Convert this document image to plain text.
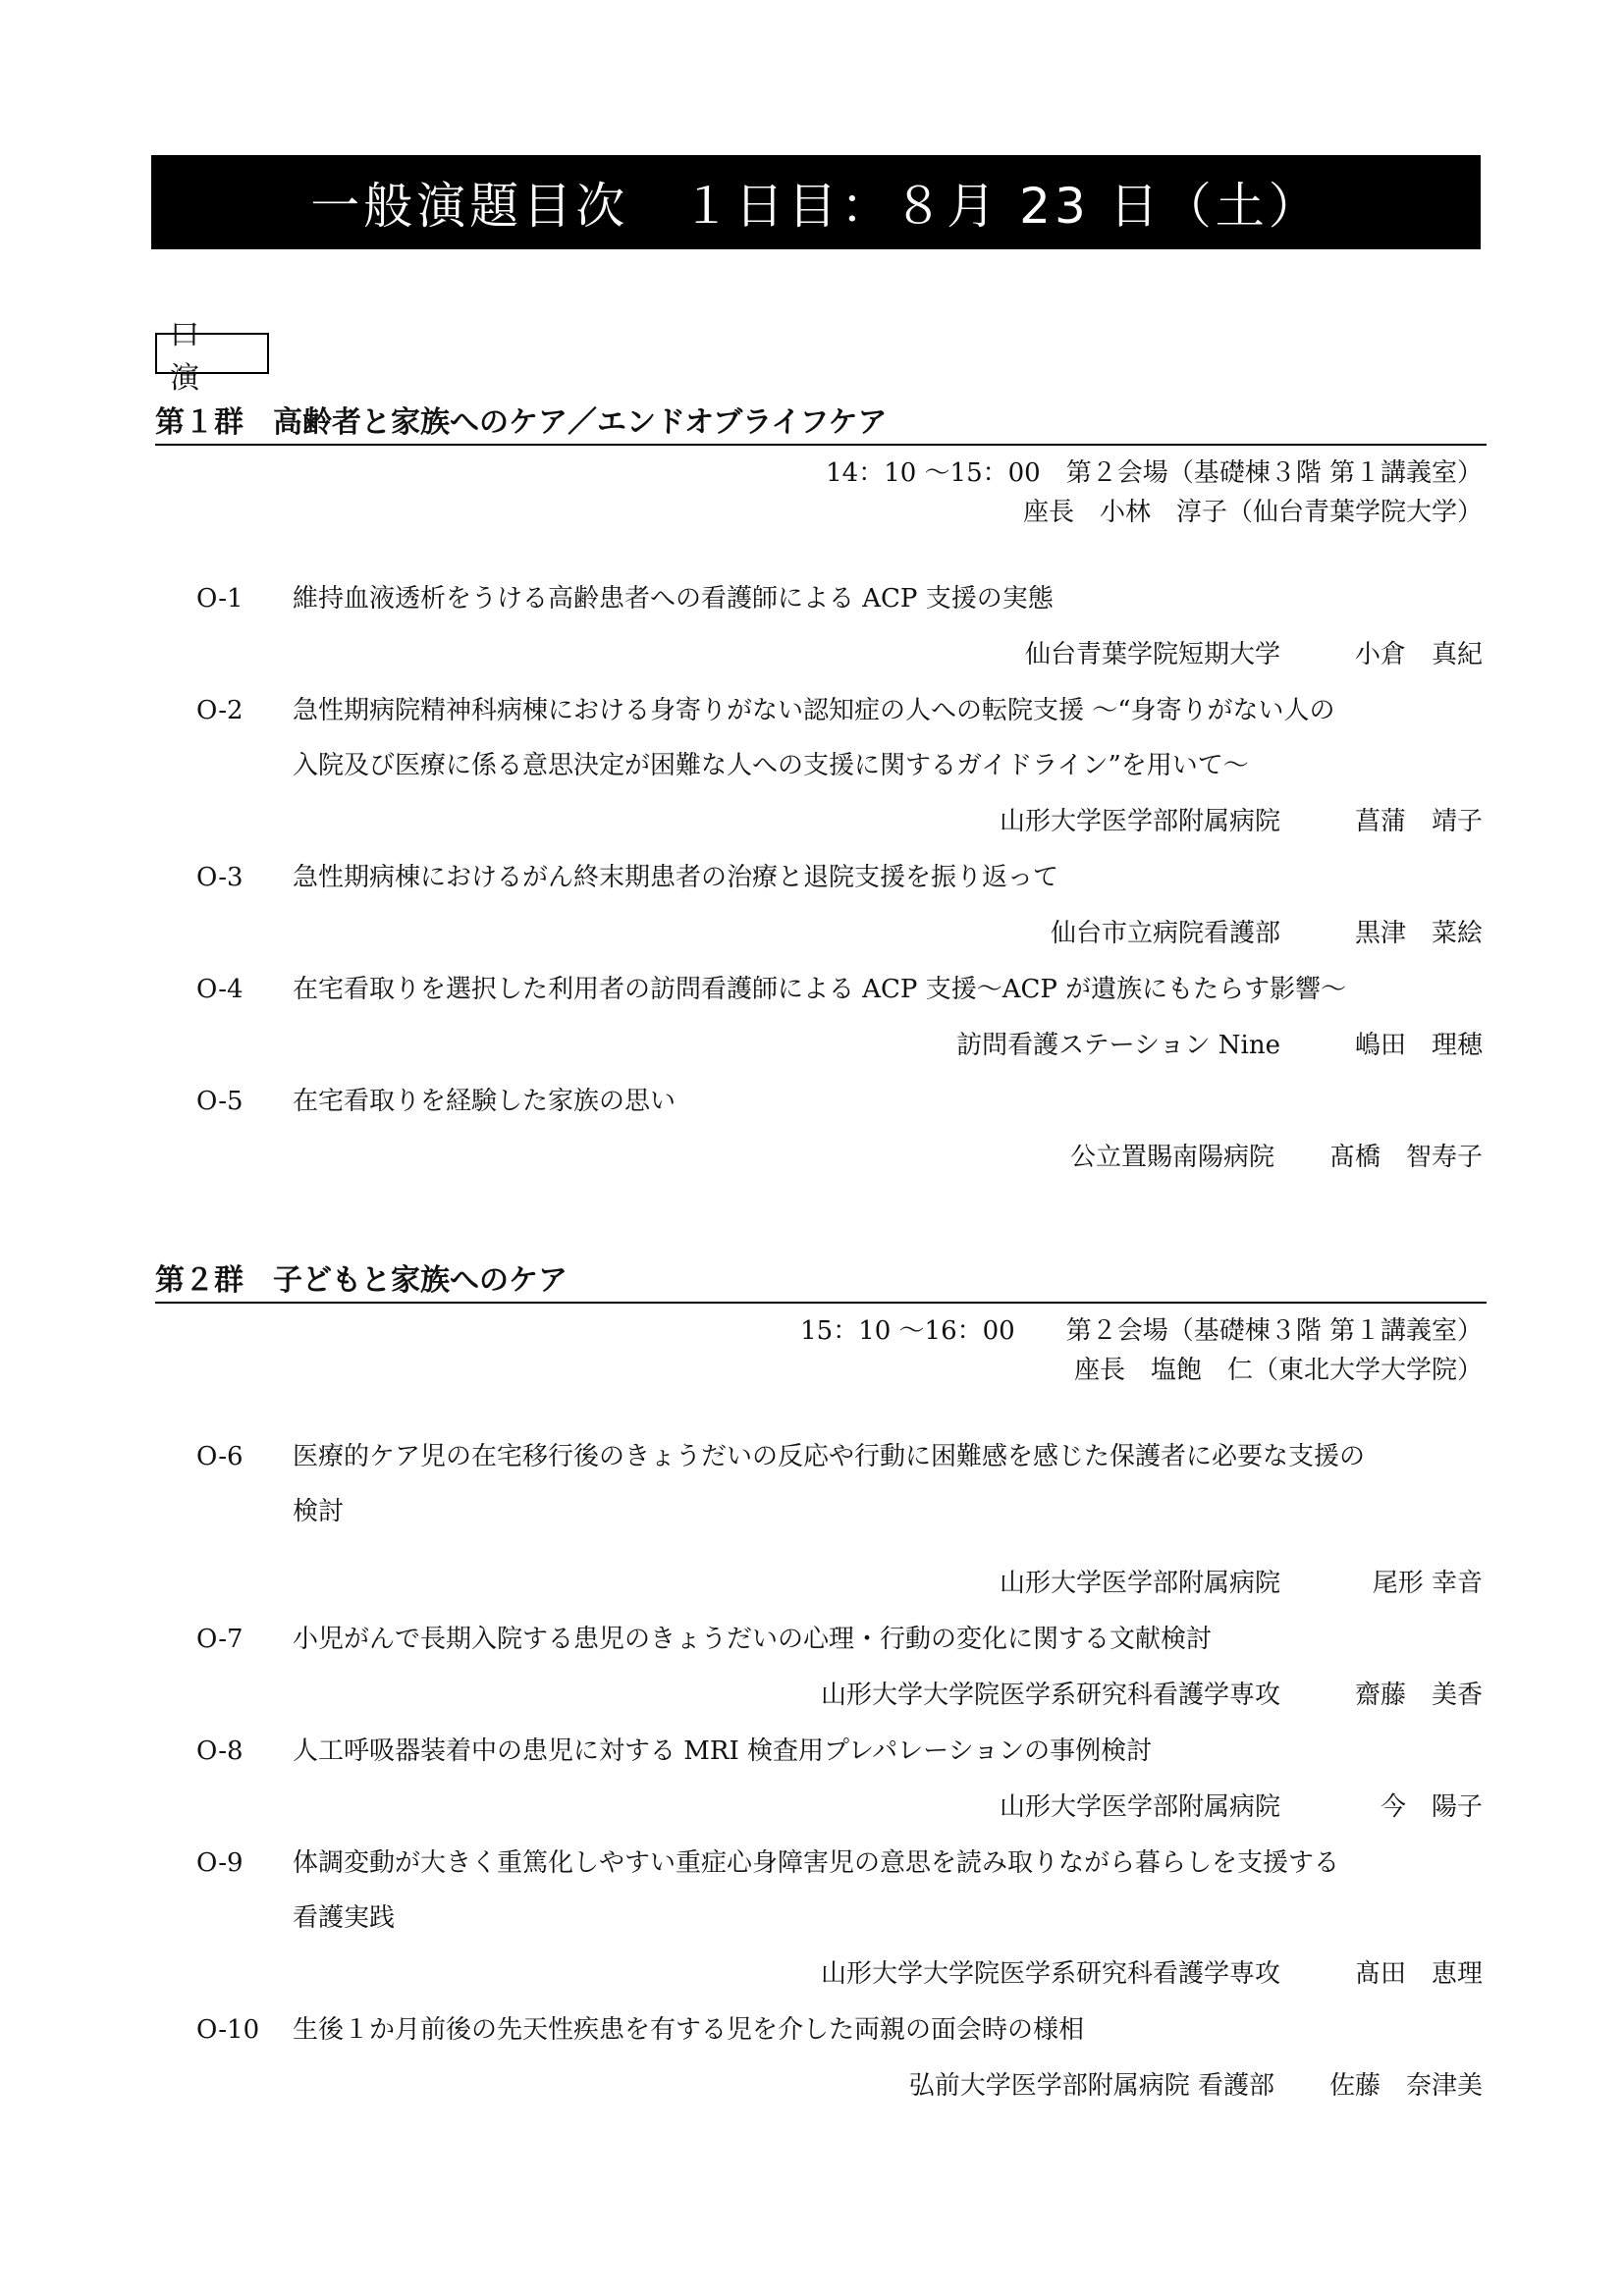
一般演題目次　１日目：８月 23 日（土）
口　演
第１群　高齢者と家族へのケア／エンドオブライフケア
14：10 ～15：00　第２会場（基礎棟３階 第１講義室）
座長　小林　淳子（仙台青葉学院大学）
O-1	維持血液透析をうける高齢患者への看護師による ACP 支援の実態
仙台青葉学院短期大学	小倉　真紀
O-2	急性期病院精神科病棟における身寄りがない認知症の人への転院支援 ～“身寄りがない人の
入院及び医療に係る意思決定が困難な人への支援に関するガイドライン”を用いて～
山形大学医学部附属病院	菖蒲　靖子
O-3	急性期病棟におけるがん終末期患者の治療と退院支援を振り返って
仙台市立病院看護部	黒津　菜絵
O-4	在宅看取りを選択した利用者の訪問看護師による ACP 支援～ACP が遺族にもたらす影響～
訪問看護ステーション Nine	嶋田　理穂
O-5	在宅看取りを経験した家族の思い
公立置賜南陽病院 髙橋　智寿子
第２群　子どもと家族へのケア
15：10 ～16：00　　第２会場（基礎棟３階 第１講義室）
座長　塩飽　仁（東北大学大学院）
O-6	医療的ケア児の在宅移行後のきょうだいの反応や行動に困難感を感じた保護者に必要な支援の
検討
山形大学医学部附属病院	尾形 幸音
O-7	小児がんで長期入院する患児のきょうだいの心理・行動の変化に関する文献検討
山形大学大学院医学系研究科看護学専攻	齋藤　美香
O-8	人工呼吸器装着中の患児に対する MRI 検査用プレパレーションの事例検討
山形大学医学部附属病院	今　陽子
O-9	体調変動が大きく重篤化しやすい重症心身障害児の意思を読み取りながら暮らしを支援する
看護実践
山形大学大学院医学系研究科看護学専攻	髙田　恵理
O-10	生後１か月前後の先天性疾患を有する児を介した両親の面会時の様相
弘前大学医学部附属病院 看護部 佐藤　奈津美
